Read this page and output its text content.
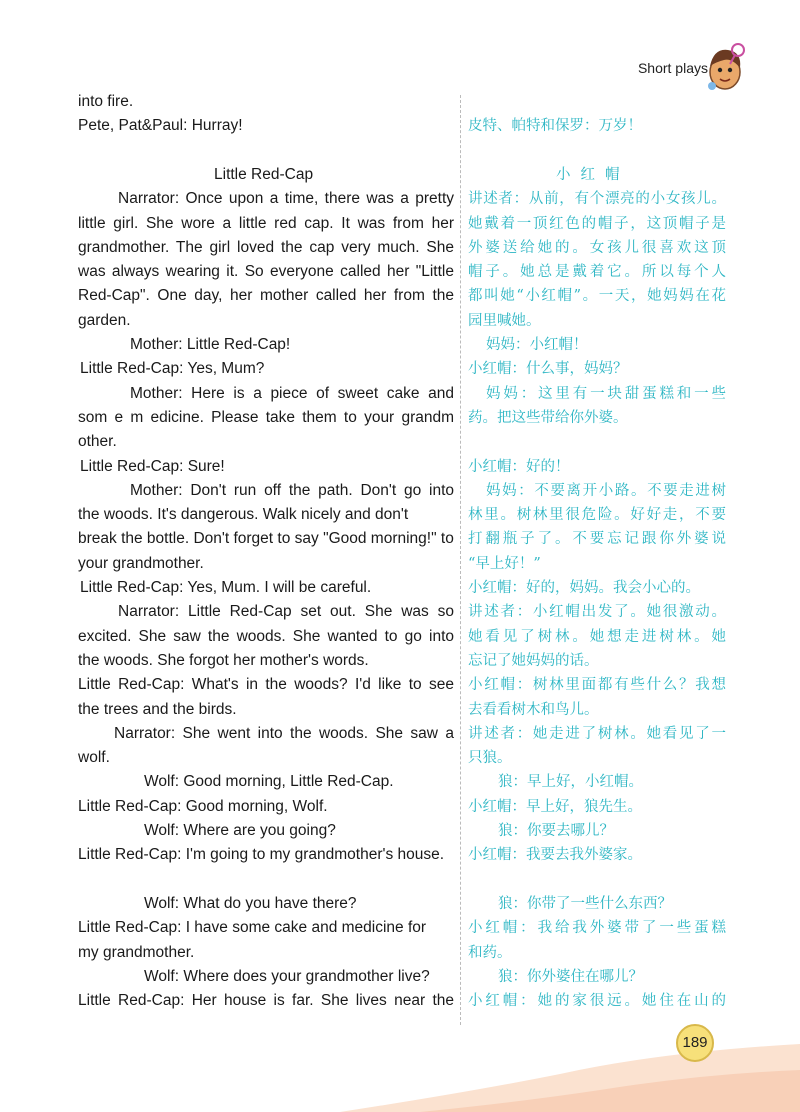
Short plays
into fire.
Pete, Pat&Paul: Hurray!
Little Red-Cap
Narrator: Once upon a time, there was a pretty
little girl. She wore a little red cap. It was from her
grandmother. The girl loved the cap very much. She
was always wearing it. So everyone called her "Little
Red-Cap". One day, her mother called her from the
garden.
Mother: Little Red-Cap!
Little Red-Cap: Yes, Mum?
Mother: Here is a piece of sweet cake and
som e m edicine. Please take them to your grandm
other.
Little Red-Cap: Sure!
Mother: Don't run off the path. Don't go into
the woods. It's dangerous. Walk nicely and don't
break the bottle. Don't forget to say "Good morning!" to
your grandmother.
Little Red-Cap: Yes, Mum. I will be careful.
Narrator: Little Red-Cap set out. She was so
excited. She saw the woods. She wanted to go into
the woods. She forgot her mother's words.
Little Red-Cap: What's in the woods? I'd like to see
the trees and the birds.
Narrator: She went into the woods. She saw a
wolf.
Wolf: Good morning, Little Red-Cap.
Little Red-Cap: Good morning, Wolf.
Wolf: Where are you going?
Little Red-Cap: I'm going to my grandmother's house.
Wolf: What do you have there?
Little Red-Cap: I have some cake and medicine for
my grandmother.
Wolf: Where does your grandmother live?
Little Red-Cap: Her house is far. She lives near the
皮特、帕特和保罗：万岁！
小红帽
讲述者：从前，有个漂亮的小女孩儿。
她戴着一顶红色的帽子，这顶帽子是
外婆送给她的。女孩儿很喜欢这顶
帽子。她总是戴着它。所以每个人
都叫她“小红帽”。一天，她妈妈在花
园里喊她。
妈妈：小红帽！
小红帽：什么事，妈妈？
妈妈：这里有一块甜蛋糕和一些
药。把这些带给你外婆。
小红帽：好的！
妈妈：不要离开小路。不要走进树
林里。树林里很危险。好好走，不要
打翻瓶子了。不要忘记跟你外婆说
“早上好！”
小红帽：好的，妈妈。我会小心的。
讲述者：小红帽出发了。她很激动。
她看见了树林。她想走进树林。她
忘记了她妈妈的话。
小红帽：树林里面都有些什么？我想
去看看树木和鸟儿。
讲述者：她走进了树林。她看见了一
只狼。
狼：早上好，小红帽。
小红帽：早上好，狼先生。
狼：你要去哪儿？
小红帽：我要去我外婆家。
狼：你带了一些什么东西？
小红帽：我给我外婆带了一些蛋糕
和药。
狼：你外婆住在哪儿？
小红帽：她的家很远。她住在山的
189
